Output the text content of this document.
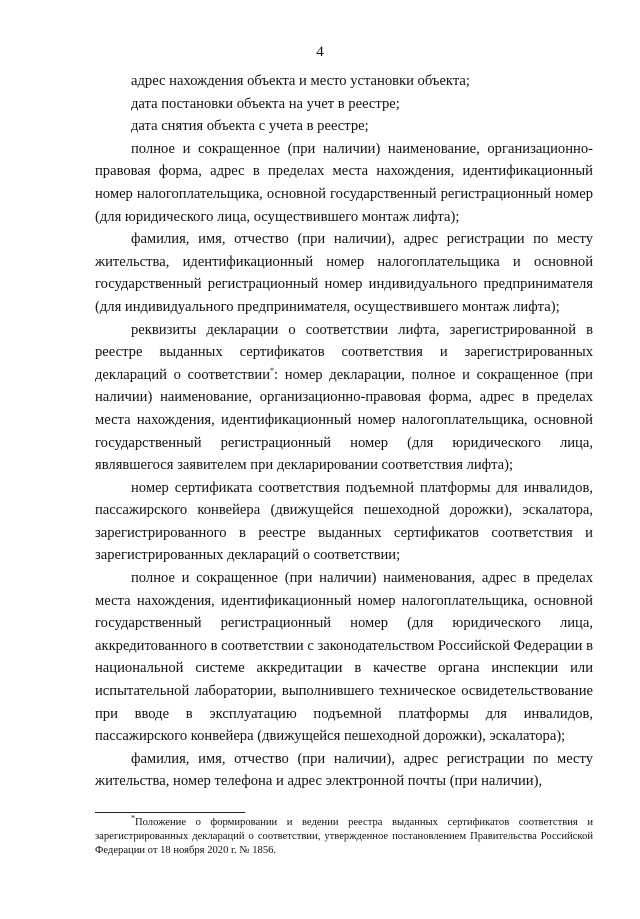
4

адрес нахождения объекта и место установки объекта;

дата постановки объекта на учет в реестре;

дата снятия объекта с учета в реестре;

полное и сокращенное (при наличии) наименование, организационно-правовая форма, адрес в пределах места нахождения, идентификационный номер налогоплательщика, основной государственный регистрационный номер (для юридического лица, осуществившего монтаж лифта);

фамилия, имя, отчество (при наличии), адрес регистрации по месту жительства, идентификационный номер налогоплательщика и основной государственный регистрационный номер индивидуального предпринимателя (для индивидуального предпринимателя, осуществившего монтаж лифта);

реквизиты декларации о соответствии лифта, зарегистрированной в реестре выданных сертификатов соответствия и зарегистрированных деклараций о соответствии*: номер декларации, полное и сокращенное (при наличии) наименование, организационно-правовая форма, адрес в пределах места нахождения, идентификационный номер налогоплательщика, основной государственный регистрационный номер (для юридического лица, являвшегося заявителем при декларировании соответствия лифта);

номер сертификата соответствия подъемной платформы для инвалидов, пассажирского конвейера (движущейся пешеходной дорожки), эскалатора, зарегистрированного в реестре выданных сертификатов соответствия и зарегистрированных деклараций о соответствии;

полное и сокращенное (при наличии) наименования, адрес в пределах места нахождения, идентификационный номер налогоплательщика, основной государственный регистрационный номер (для юридического лица, аккредитованного в соответствии с законодательством Российской Федерации в национальной системе аккредитации в качестве органа инспекции или испытательной лаборатории, выполнившего техническое освидетельствование при вводе в эксплуатацию подъемной платформы для инвалидов, пассажирского конвейера (движущейся пешеходной дорожки), эскалатора);

фамилия, имя, отчество (при наличии), адрес регистрации по месту жительства, номер телефона и адрес электронной почты (при наличии),

*Положение о формировании и ведении реестра выданных сертификатов соответствия и зарегистрированных деклараций о соответствии, утвержденное постановлением Правительства Российской Федерации от 18 ноября 2020 г. № 1856.
